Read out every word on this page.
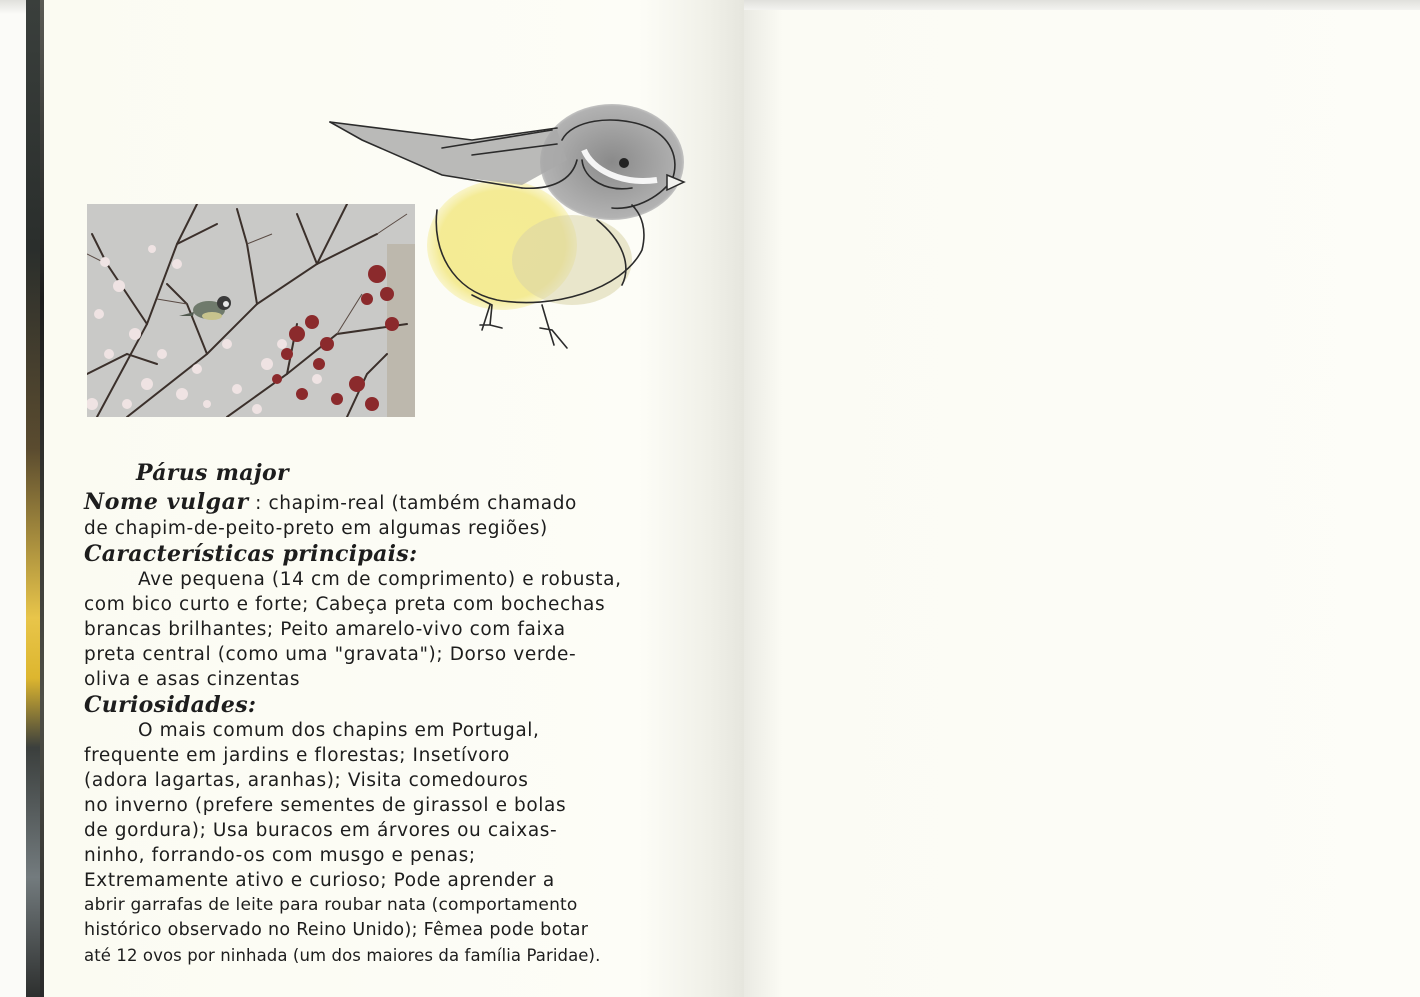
Párus major
Nome vulgar : chapim-real (também chamado
de chapim-de-peito-preto em algumas regiões)
Características principais:
Ave pequena (14 cm de comprimento) e robusta,
com bico curto e forte; Cabeça preta com bochechas
brancas brilhantes; Peito amarelo-vivo com faixa
preta central (como uma "gravata"); Dorso verde-
oliva e asas cinzentas
Curiosidades:
O mais comum dos chapins em Portugal,
frequente em jardins e florestas; Insetívoro
(adora lagartas, aranhas); Visita comedouros
no inverno (prefere sementes de girassol e bolas
de gordura); Usa buracos em árvores ou caixas-
ninho, forrando-os com musgo e penas;
Extremamente ativo e curioso; Pode aprender a
abrir garrafas de leite para roubar nata (comportamento
histórico observado no Reino Unido); Fêmea pode botar
até 12 ovos por ninhada (um dos maiores da família Paridae).
